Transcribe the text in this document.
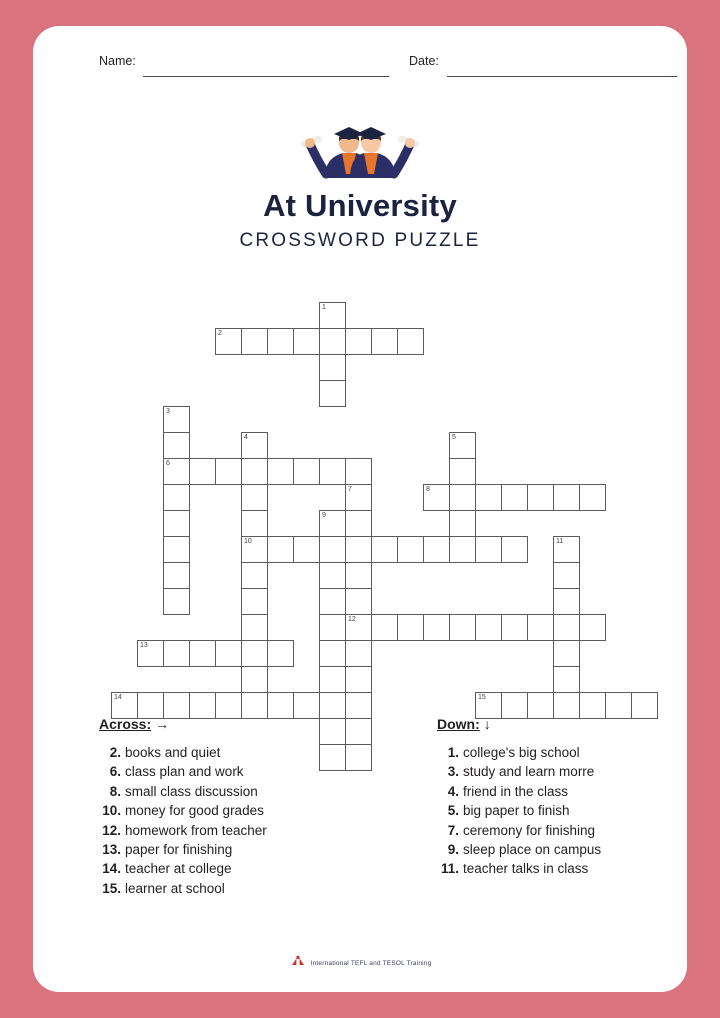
Name:	Date:
At University
CROSSWORD PUZZLE
1
2
3
4	5
6
7	8
9
10	11
12
13
14	15
Across: →
2. books and quiet
6. class plan and work
8. small class discussion
10. money for good grades
12. homework from teacher
13. paper for finishing
14. teacher at college
15. learner at school
Down: ↓
1. college's big school
3. study and learn morre
4. friend in the class
5. big paper to finish
7. ceremony for finishing
9. sleep place on campus
11. teacher talks in class
International TEFL and TESOL Training
